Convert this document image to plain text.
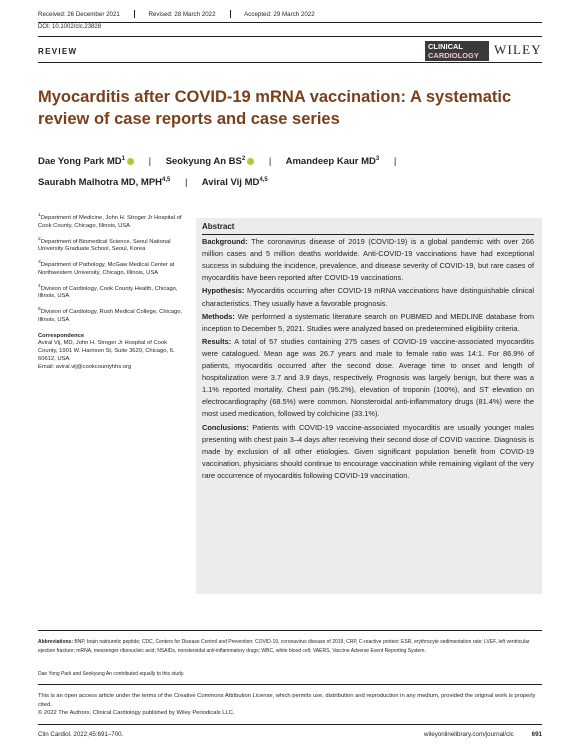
Received: 26 December 2021	Revised: 28 March 2022	Accepted: 29 March 2022
DOI: 10.1002/clc.23828
REVIEW
CLINICAL
CARDIOLOGY	WILEY
Myocarditis after COVID-19 mRNA vaccination: A systematic review of case reports and case series
Dae Yong Park $MD^1$ | Seokyung An $BS^2$ | Amandeep Kaur $MD^3$ |
Saurabh Malhotra MD, MPH$^{4,5}$ | Aviral Vij MD$^{4,5}$
$^1$Department of Medicine, John H. Stroger Jr Hospital of Cook County, Chicago, Illinois, USA
$^2$Department of Biomedical Science, Seoul National University Graduate School, Seoul, Korea
$^3$Department of Pathology, McGaw Medical Center at Northwestern University, Chicago, Illinois, USA
$^4$Division of Cardiology, Cook County Health, Chicago, Illinois, USA
$^5$Division of Cardiology, Rush Medical College, Chicago, Illinois, USA
Correspondence
Aviral Vij, MD, John H. Stroger Jr Hospital of Cook County, 1901 W. Harrison St, Suite 3620, Chicago, IL 60612, USA.
Email: aviral.vij@cookcountyhhs.org
Abstract

Background: The coronavirus disease of 2019 (COVID-19) is a global pandemic with over 266 million cases and 5 million deaths worldwide. Anti-COVID-19 vaccinations have had exceptional success in subduing the incidence, prevalence, and disease severity of COVID-19, but rare cases of myocarditis have been reported after COVID-19 vaccinations.

Hypothesis: Myocarditis occurring after COVID-19 mRNA vaccinations have distinguishable clinical characteristics. They usually have a favorable prognosis.

Methods: We performed a systematic literature search on PUBMED and MEDLINE database from inception to December 5, 2021. Studies were analyzed based on predetermined eligibility criteria.

Results: A total of 57 studies containing 275 cases of COVID-19 vaccine-associated myocarditis were catalogued. Mean age was 26.7 years and male to female ratio was 14:1. For 86.9% of patients, myocarditis occurred after the second dose. Average time to onset and length of hospitalization were 3.7 and 3.9 days, respectively. Prognosis was largely benign, but there was a 1.1% reported mortality. Chest pain (95.2%), elevation of troponin (100%), and ST elevation on electrocardiography (68.5%) were common. Nonsteroidal anti-inflammatory drugs (81.4%) were the most used medication, followed by colchicine (33.1%).

Conclusions: Patients with COVID-19 vaccine-associated myocarditis are usually younger males presenting with chest pain 3–4 days after receiving their second dose of COVID vaccine. Diagnosis is made by exclusion of all other etiologies. Given significant population benefit from COVID-19 vaccination, physicians should continue to encourage vaccination while remaining vigilant of the very rare occurrence of myocarditis following COVID-19 vaccination.

Abbreviations: BNP, brain natriuretic peptide; CDC, Centers for Disease Control and Prevention; COVID-19, coronavirus disease of 2019; CRP, C-reactive protein; ESR, erythrocyte sedimentation rate; LVEF, left ventricular ejection fracture; mRNA, messenger ribonucleic acid; NSAIDs, nonsteroidal anti-inflammatory drugs; WBC, white blood cell; VAERS, Vaccine Adverse Event Reporting System.
Dae Yong Park and Seokyung An contributed equally to this study.
This is an open access article under the terms of the Creative Commons Attribution License, which permits use, distribution and reproduction in any medium, provided the original work is properly cited.
© 2022 The Authors. Clinical Cardiology published by Wiley Periodicals LLC.
Clin Cardiol. 2022;45:691–700.	wileyonlinelibrary.com/journal/clc	691
